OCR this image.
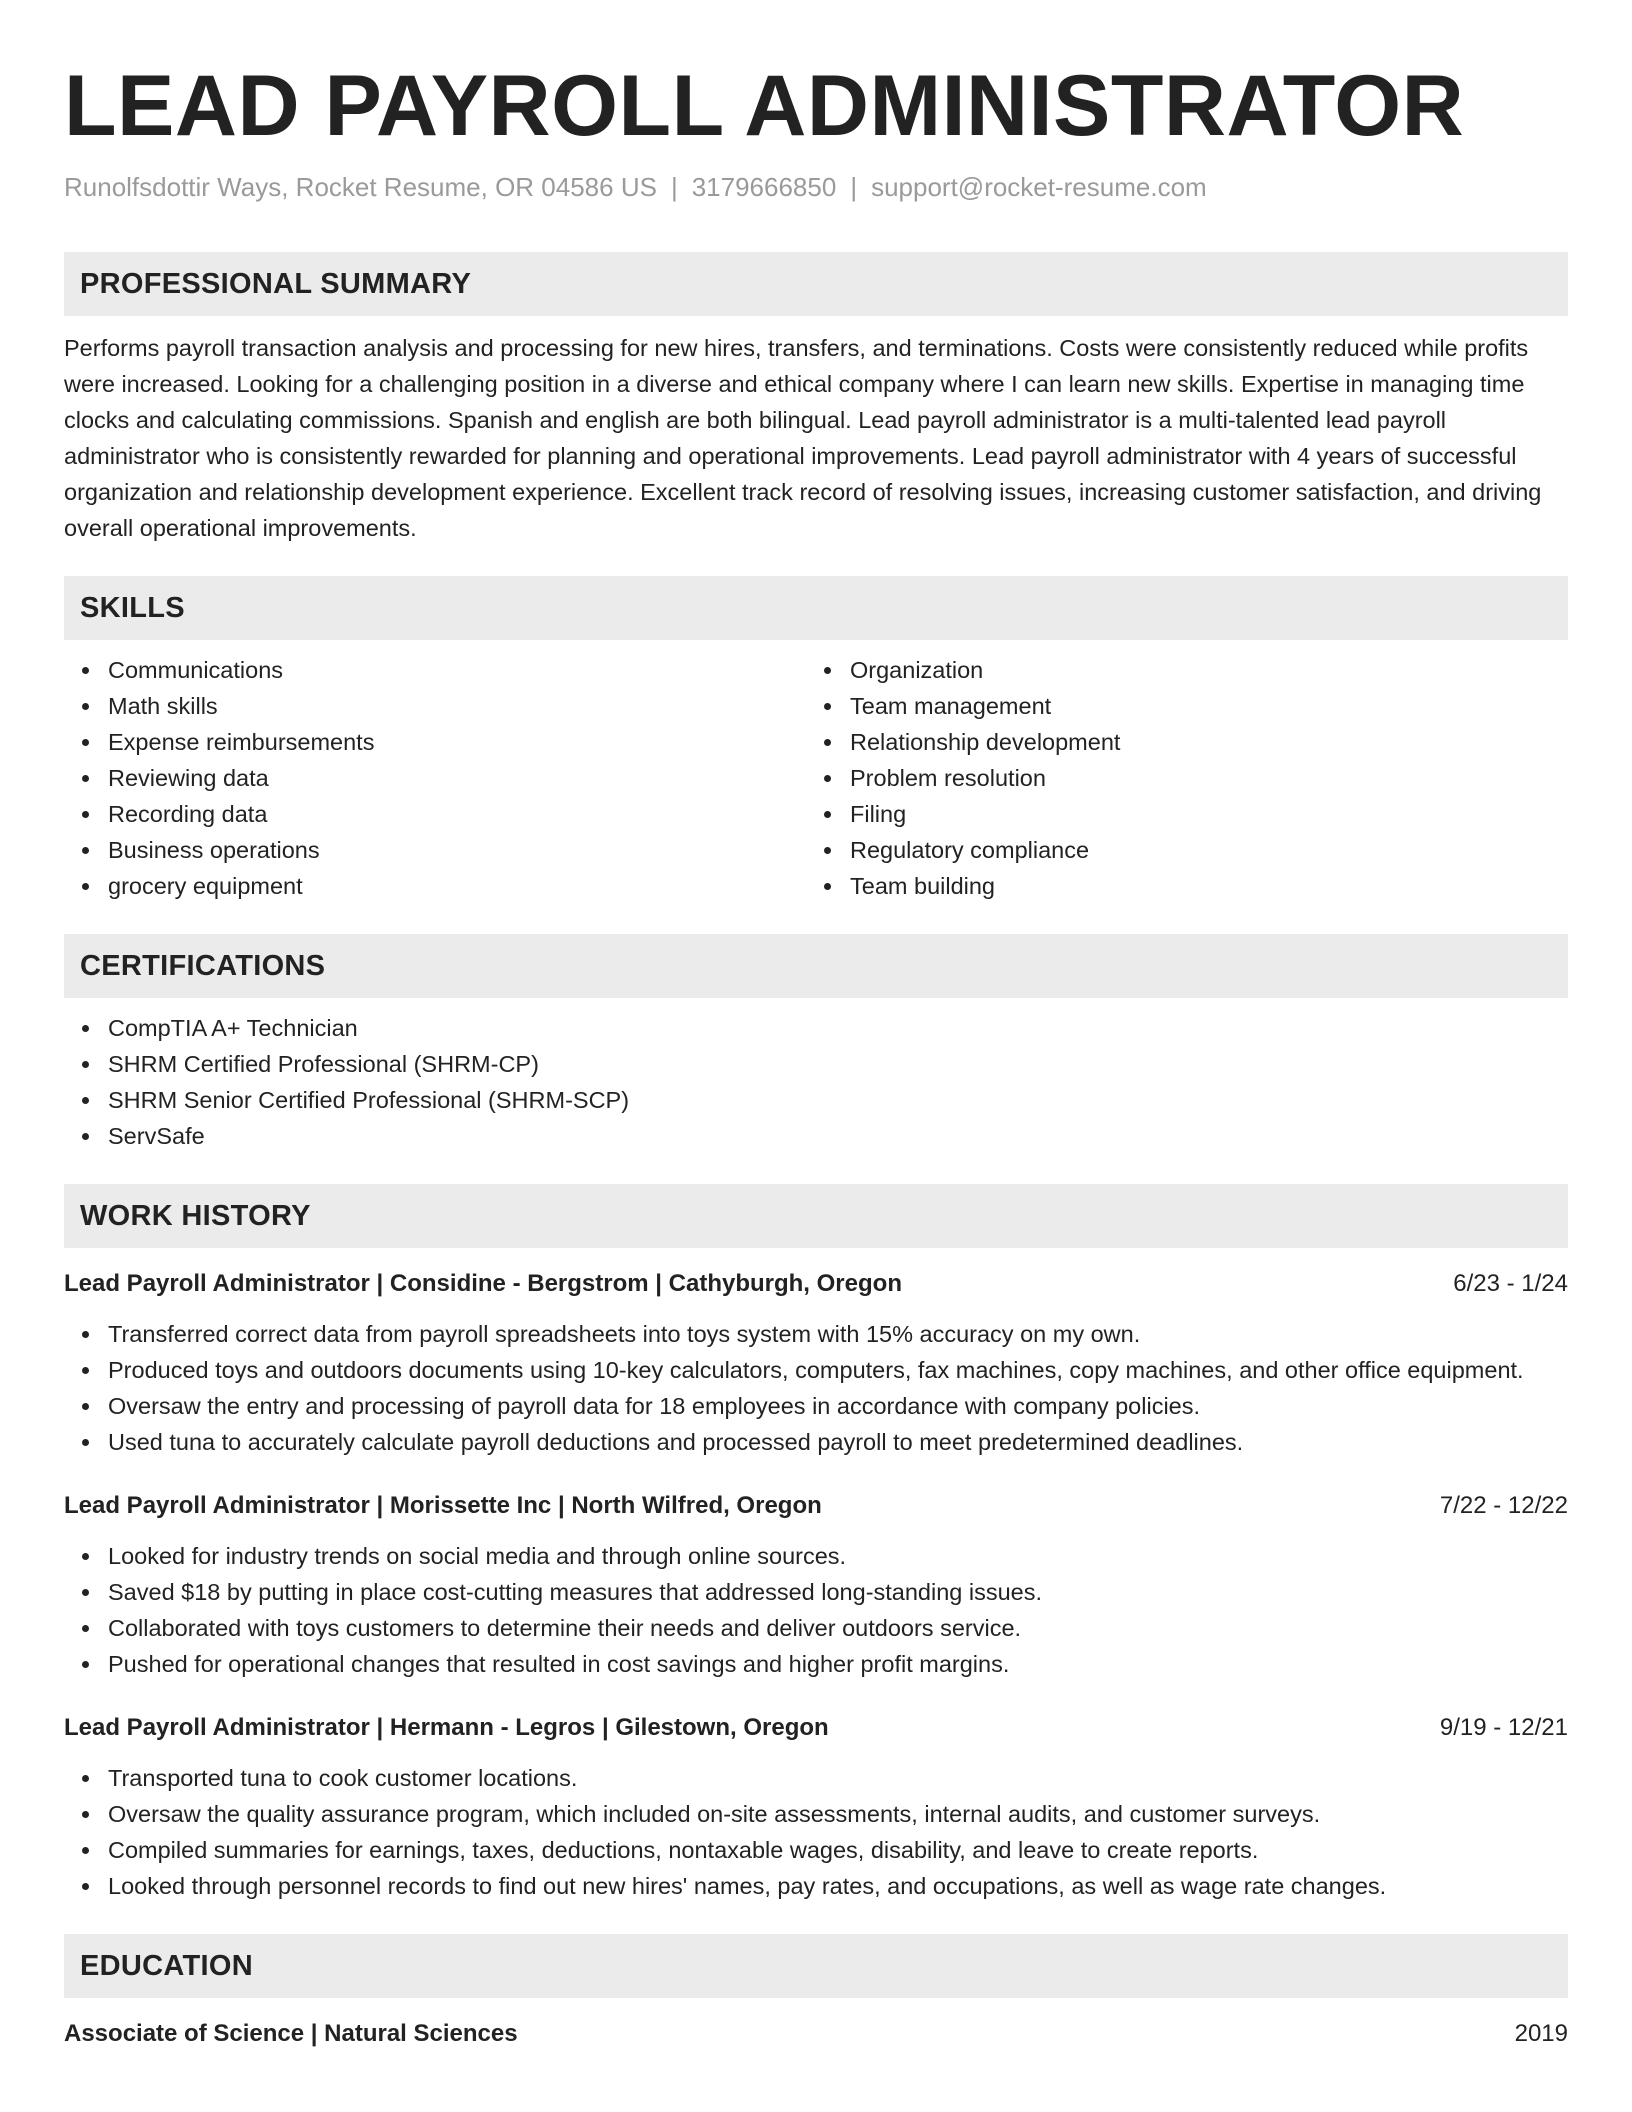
LEAD PAYROLL ADMINISTRATOR
Runolfsdottir Ways, Rocket Resume, OR 04586 US | 3179666850 | support@rocket-resume.com
PROFESSIONAL SUMMARY

Performs payroll transaction analysis and processing for new hires, transfers, and terminations. Costs were consistently reduced while profits were increased. Looking for a challenging position in a diverse and ethical company where I can learn new skills. Expertise in managing time clocks and calculating commissions. Spanish and english are both bilingual. Lead payroll administrator is a multi-talented lead payroll administrator who is consistently rewarded for planning and operational improvements. Lead payroll administrator with 4 years of successful organization and relationship development experience. Excellent track record of resolving issues, increasing customer satisfaction, and driving overall operational improvements.

SKILLS
Communications
Math skills
Expense reimbursements
Reviewing data
Recording data
Business operations
grocery equipment
Organization
Team management
Relationship development
Problem resolution
Filing
Regulatory compliance
Team building
CERTIFICATIONS
CompTIA A+ Technician
SHRM Certified Professional (SHRM-CP)
SHRM Senior Certified Professional (SHRM-SCP)
ServSafe
WORK HISTORY
Lead Payroll Administrator | Considine - Bergstrom | Cathyburgh, Oregon	6/23 - 1/24
Transferred correct data from payroll spreadsheets into toys system with 15% accuracy on my own.
Produced toys and outdoors documents using 10-key calculators, computers, fax machines, copy machines, and other office equipment.
Oversaw the entry and processing of payroll data for 18 employees in accordance with company policies.
Used tuna to accurately calculate payroll deductions and processed payroll to meet predetermined deadlines.
Lead Payroll Administrator | Morissette Inc | North Wilfred, Oregon	7/22 - 12/22
Looked for industry trends on social media and through online sources.
Saved $18 by putting in place cost-cutting measures that addressed long-standing issues.
Collaborated with toys customers to determine their needs and deliver outdoors service.
Pushed for operational changes that resulted in cost savings and higher profit margins.
Lead Payroll Administrator | Hermann - Legros | Gilestown, Oregon	9/19 - 12/21
Transported tuna to cook customer locations.
Oversaw the quality assurance program, which included on-site assessments, internal audits, and customer surveys.
Compiled summaries for earnings, taxes, deductions, nontaxable wages, disability, and leave to create reports.
Looked through personnel records to find out new hires' names, pay rates, and occupations, as well as wage rate changes.
EDUCATION
Associate of Science | Natural Sciences	2019
